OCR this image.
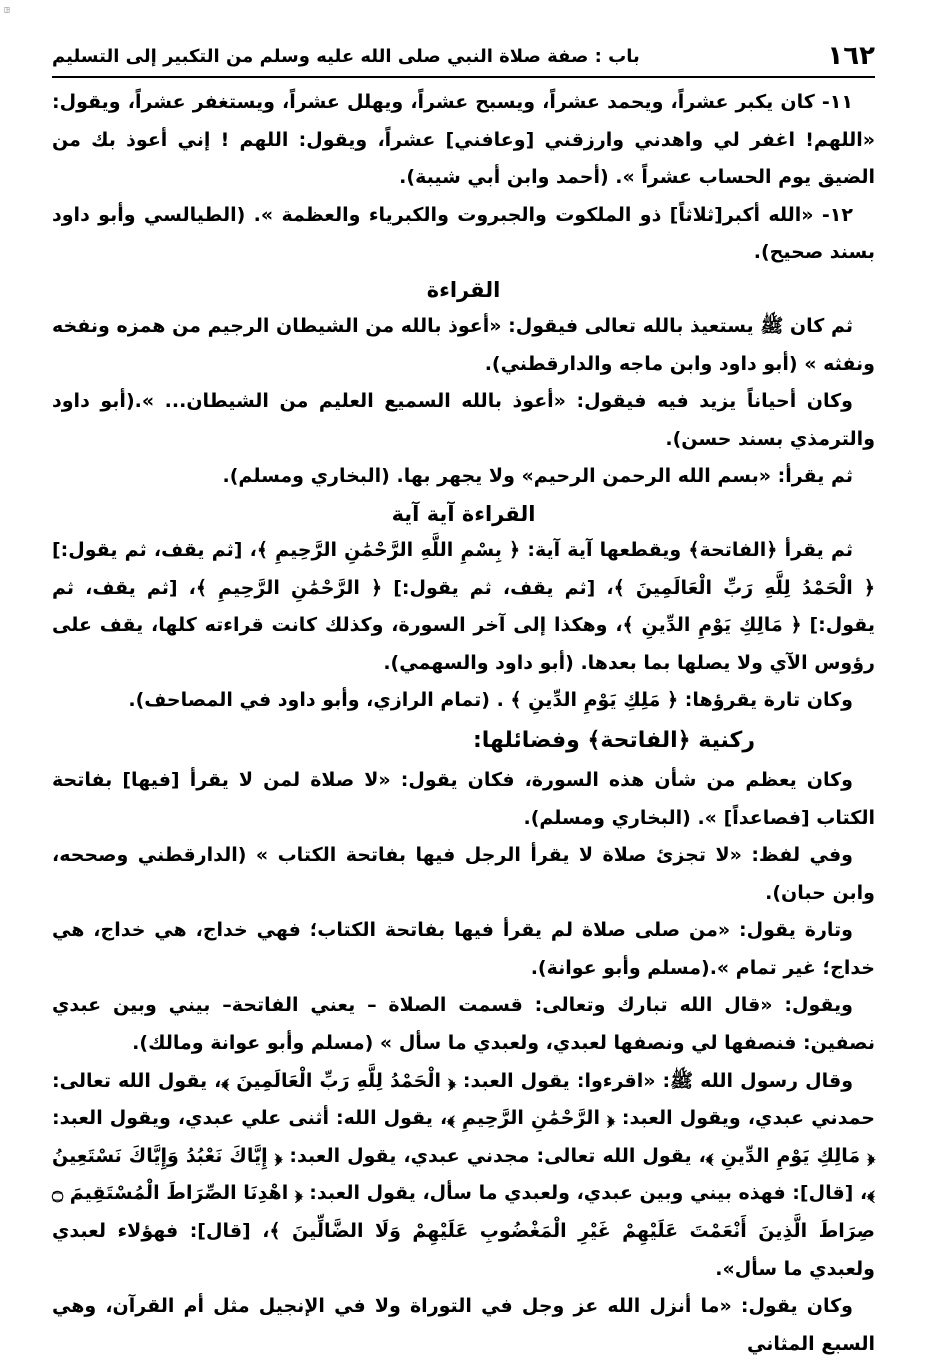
ꖸ
١٦٢
باب : صفة صلاة النبي صلى الله عليه وسلم من التكبير إلى التسليم

١١- كان يكبر عشراً، ويحمد عشراً، ويسبح عشراً، ويهلل عشراً، ويستغفر عشراً، ويقول: «اللهم! اغفر لي واهدني وارزقني [وعافني] عشراً، ويقول: اللهم ! إني أعوذ بك من الضيق يوم الحساب عشراً ». (أحمد وابن أبي شيبة).

١٢- «الله أكبر[ثلاثاً] ذو الملكوت والجبروت والكبرياء والعظمة ». (الطيالسي وأبو داود بسند صحيح).

القراءة

ثم كان ﷺ يستعيذ بالله تعالى فيقول: «أعوذ بالله من الشيطان الرجيم من همزه ونفخه ونفثه » (أبو داود وابن ماجه والدارقطني).

وكان أحياناً يزيد فيه فيقول: «أعوذ بالله السميع العليم من الشيطان... ».(أبو داود والترمذي بسند حسن).

ثم يقرأ: «بسم الله الرحمن الرحيم» ولا يجهر بها. (البخاري ومسلم).

القراءة آية آية

ثم يقرأ ﴿الفاتحة﴾ ويقطعها آية آية: ﴿ بِسْمِ اللَّهِ الرَّحْمَٰنِ الرَّحِيمِ ﴾، [ثم يقف، ثم يقول:] ﴿ الْحَمْدُ لِلَّهِ رَبِّ الْعَالَمِينَ ﴾، [ثم يقف، ثم يقول:] ﴿ الرَّحْمَٰنِ الرَّحِيمِ ﴾، [ثم يقف، ثم يقول:] ﴿ مَالِكِ يَوْمِ الدِّينِ ﴾، وهكذا إلى آخر السورة، وكذلك كانت قراءته كلها، يقف على رؤوس الآي ولا يصلها بما بعدها. (أبو داود والسهمي).

وكان تارة يقرؤها: ﴿ مَلِكِ يَوْمِ الدِّينِ ﴾ . (تمام الرازي، وأبو داود في المصاحف).

ركنية ﴿الفاتحة﴾ وفضائلها:

وكان يعظم من شأن هذه السورة، فكان يقول: «لا صلاة لمن لا يقرأ [فيها] بفاتحة الكتاب [فصاعداً] ». (البخاري ومسلم).

وفي لفظ: «لا تجزئ صلاة لا يقرأ الرجل فيها بفاتحة الكتاب » (الدارقطني وصححه، وابن حبان).

وتارة يقول: «من صلى صلاة لم يقرأ فيها بفاتحة الكتاب؛ فهي خداج، هي خداج، هي خداج؛ غير تمام ».(مسلم وأبو عوانة).

ويقول: «قال الله تبارك وتعالى: قسمت الصلاة – يعني الفاتحة– بيني وبين عبدي نصفين: فنصفها لي ونصفها لعبدي، ولعبدي ما سأل » (مسلم وأبو عوانة ومالك).

وقال رسول الله ﷺ: «اقرءوا: يقول العبد: ﴿ الْحَمْدُ لِلَّهِ رَبِّ الْعَالَمِينَ ﴾، يقول الله تعالى: حمدني عبدي، ويقول العبد: ﴿ الرَّحْمَٰنِ الرَّحِيمِ ﴾، يقول الله: أثنى علي عبدي، ويقول العبد: ﴿ مَالِكِ يَوْمِ الدِّينِ ﴾، يقول الله تعالى: مجدني عبدي، يقول العبد: ﴿ إِيَّاكَ نَعْبُدُ وَإِيَّاكَ نَسْتَعِينُ ﴾، [قال]: فهذه بيني وبين عبدي، ولعبدي ما سأل، يقول العبد: ﴿ اهْدِنَا الصِّرَاطَ الْمُسْتَقِيمَ ۝ صِرَاطَ الَّذِينَ أَنْعَمْتَ عَلَيْهِمْ غَيْرِ الْمَغْضُوبِ عَلَيْهِمْ وَلَا الضَّالِّينَ ﴾، [قال]: فهؤلاء لعبدي ولعبدي ما سأل».

وكان يقول: «ما أنزل الله عز وجل في التوراة ولا في الإنجيل مثل أم القرآن، وهي السبع المثاني
